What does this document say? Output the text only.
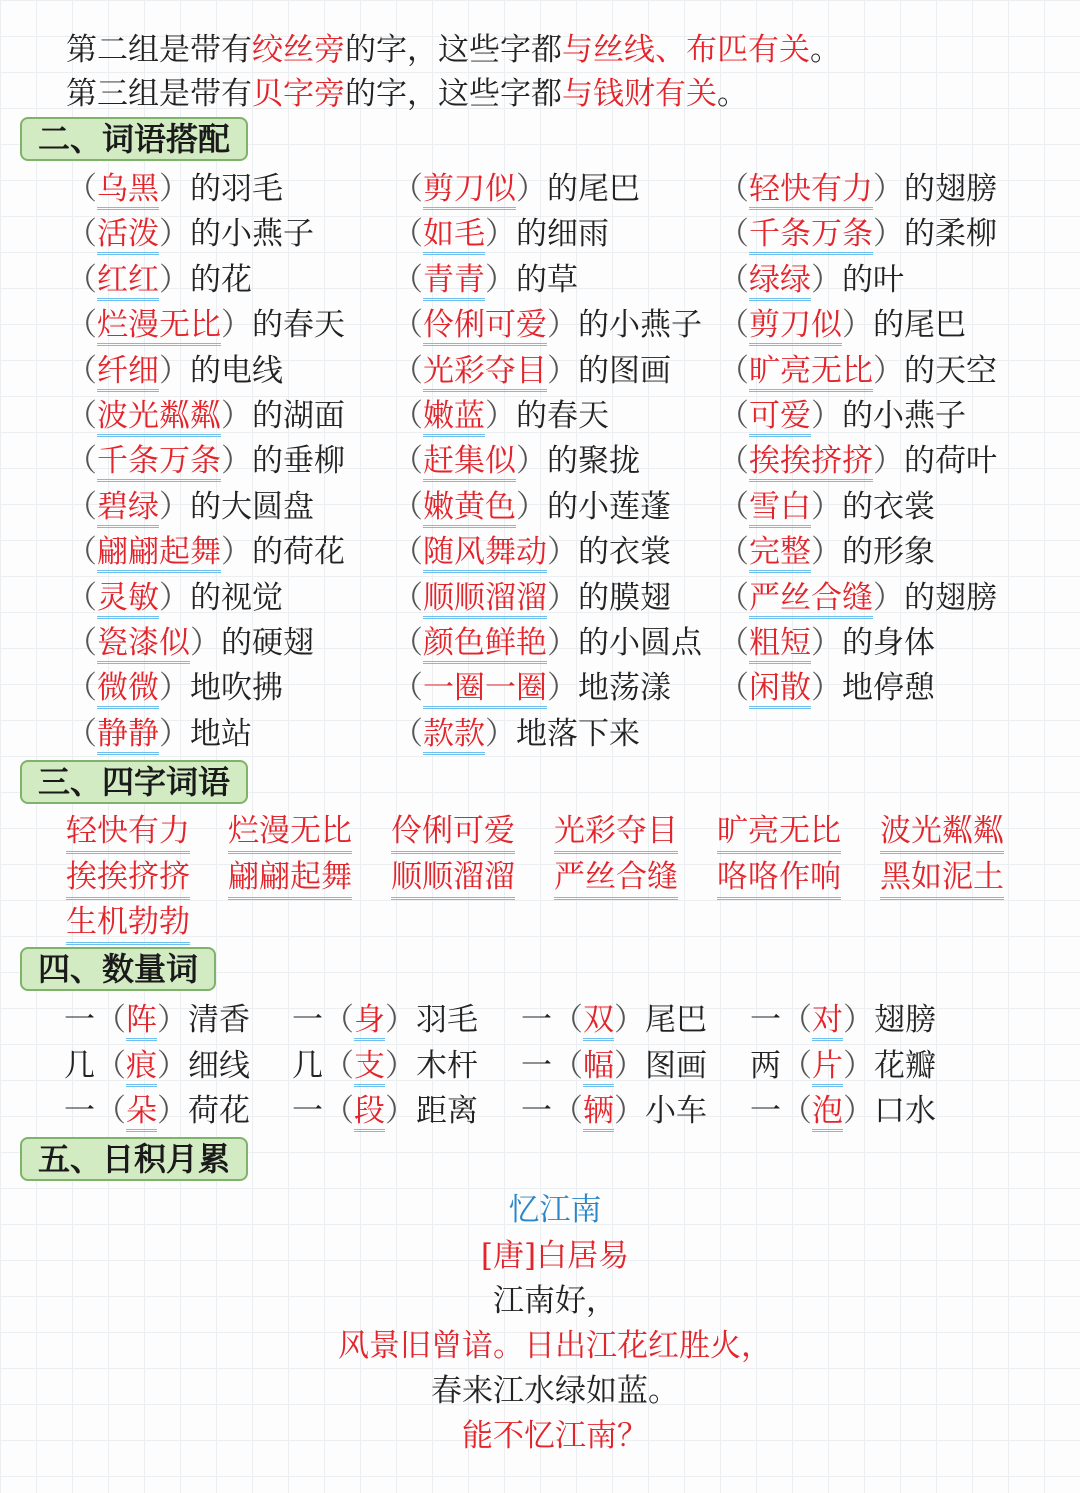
第二组是带有绞丝旁的字，这些字都与丝线、布匹有关。
第三组是带有贝字旁的字，这些字都与钱财有关。
二、词语搭配
（乌黑）的羽毛	（剪刀似）的尾巴	（轻快有力）的翅膀
（活泼）的小燕子	（如毛）的细雨	（千条万条）的柔柳
（红红）的花	（青青）的草	（绿绿）的叶
（烂漫无比）的春天 （伶俐可爱）的小燕子 （剪刀似）的尾巴
（纤细）的电线	（光彩夺目）的图画 （旷亮无比）的天空
（波光粼粼）的湖面 （嫩蓝）的春天	（可爱）的小燕子
（千条万条）的垂柳 （赶集似）的聚拢	（挨挨挤挤）的荷叶
（碧绿）的大圆盘	（嫩黄色）的小莲蓬 （雪白）的衣裳
（翩翩起舞）的荷花 （随风舞动）的衣裳 （完整）的形象
（灵敏）的视觉	（顺顺溜溜）的膜翅 （严丝合缝）的翅膀
（瓷漆似）的硬翅	（颜色鲜艳）的小圆点 （粗短）的身体
（微微）地吹拂	（一圈一圈）地荡漾 （闲散）地停憩
（静静）地站	（款款）地落下来
三、四字词语
轻快有力 烂漫无比 伶俐可爱 光彩夺目 旷亮无比 波光粼粼
挨挨挤挤 翩翩起舞 顺顺溜溜 严丝合缝 咯咯作响 黑如泥土
生机勃勃
四、数量词
一（阵）清香 一（身）羽毛 一（双）尾巴 一（对）翅膀
几（痕）细线 几（支）木杆 一（幅）图画 两（片）花瓣
一（朵）荷花 一（段）距离 一（辆）小车 一（泡）口水
五、日积月累
忆江南
[唐]白居易
江南好，
风景旧曾谙。日出江花红胜火，
春来江水绿如蓝。
能不忆江南？
